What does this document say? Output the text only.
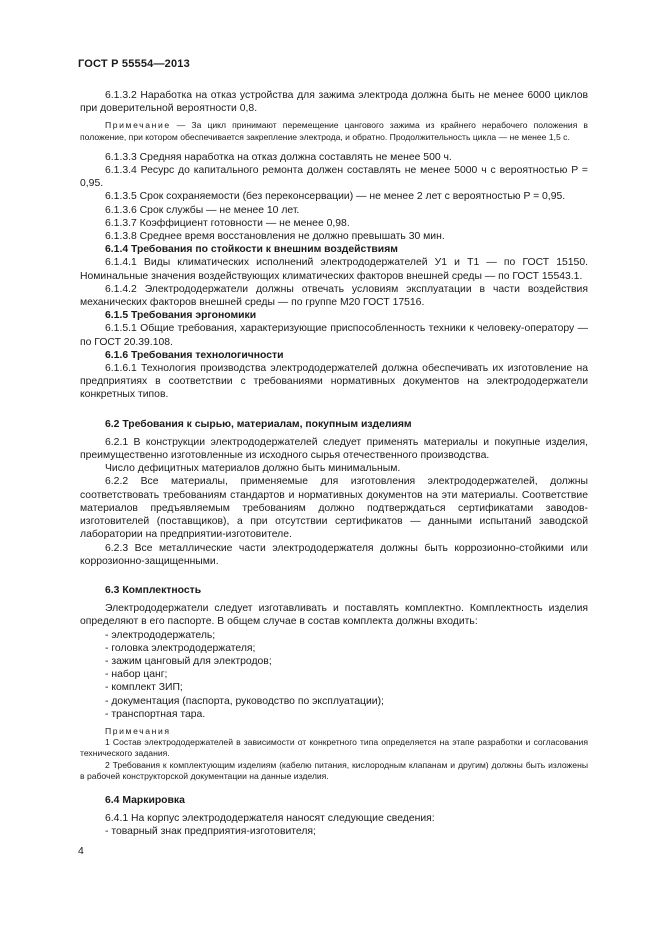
ГОСТ Р 55554—2013

6.1.3.2 Наработка на отказ устройства для зажима электрода должна быть не менее 6000 циклов при доверительной вероятности 0,8.

Примечание — За цикл принимают перемещение цангового зажима из крайнего нерабочего положения в положение, при котором обеспечивается закрепление электрода, и обратно. Продолжительность цикла — не менее 1,5 с.

6.1.3.3 Средняя наработка на отказ должна составлять не менее 500 ч.

6.1.3.4 Ресурс до капитального ремонта должен составлять не менее 5000 ч с вероятностью P = 0,95.

6.1.3.5 Срок сохраняемости (без переконсервации) — не менее 2 лет с вероятностью P = 0,95.

6.1.3.6 Срок службы — не менее 10 лет.

6.1.3.7 Коэффициент готовности — не менее 0,98.

6.1.3.8 Среднее время восстановления не должно превышать 30 мин.

6.1.4 Требования по стойкости к внешним воздействиям

6.1.4.1 Виды климатических исполнений электрододержателей У1 и Т1 — по ГОСТ 15150. Номинальные значения воздействующих климатических факторов внешней среды — по ГОСТ 15543.1.

6.1.4.2 Электрододержатели должны отвечать условиям эксплуатации в части воздействия механических факторов внешней среды — по группе М20 ГОСТ 17516.

6.1.5 Требования эргономики

6.1.5.1 Общие требования, характеризующие приспособленность техники к человеку-оператору — по ГОСТ 20.39.108.

6.1.6 Требования технологичности

6.1.6.1 Технология производства электрододержателей должна обеспечивать их изготовление на предприятиях в соответствии с требованиями нормативных документов на электрододержатели конкретных типов.

6.2 Требования к сырью, материалам, покупным изделиям

6.2.1 В конструкции электрододержателей следует применять материалы и покупные изделия, преимущественно изготовленные из исходного сырья отечественного производства.

Число дефицитных материалов должно быть минимальным.

6.2.2 Все материалы, применяемые для изготовления электрододержателей, должны соответствовать требованиям стандартов и нормативных документов на эти материалы. Соответствие материалов предъявляемым требованиям должно подтверждаться сертификатами заводов-изготовителей (поставщиков), а при отсутствии сертификатов — данными испытаний заводской лаборатории на предприятии-изготовителе.

6.2.3 Все металлические части электрододержателя должны быть коррозионно-стойкими или коррозионно-защищенными.

6.3 Комплектность

Электрододержатели следует изготавливать и поставлять комплектно. Комплектность изделия определяют в его паспорте. В общем случае в состав комплекта должны входить:

- электрододержатель;

- головка электрододержателя;

- зажим цанговый для электродов;

- набор цанг;

- комплект ЗИП;

- документация (паспорта, руководство по эксплуатации);

- транспортная тара.

Примечания

1 Состав электрододержателей в зависимости от конкретного типа определяется на этапе разработки и согласования технического задания.

2 Требования к комплектующим изделиям (кабелю питания, кислородным клапанам и другим) должны быть изложены в рабочей конструкторской документации на данные изделия.

6.4 Маркировка

6.4.1 На корпус электрододержателя наносят следующие сведения:

- товарный знак предприятия-изготовителя;

4
